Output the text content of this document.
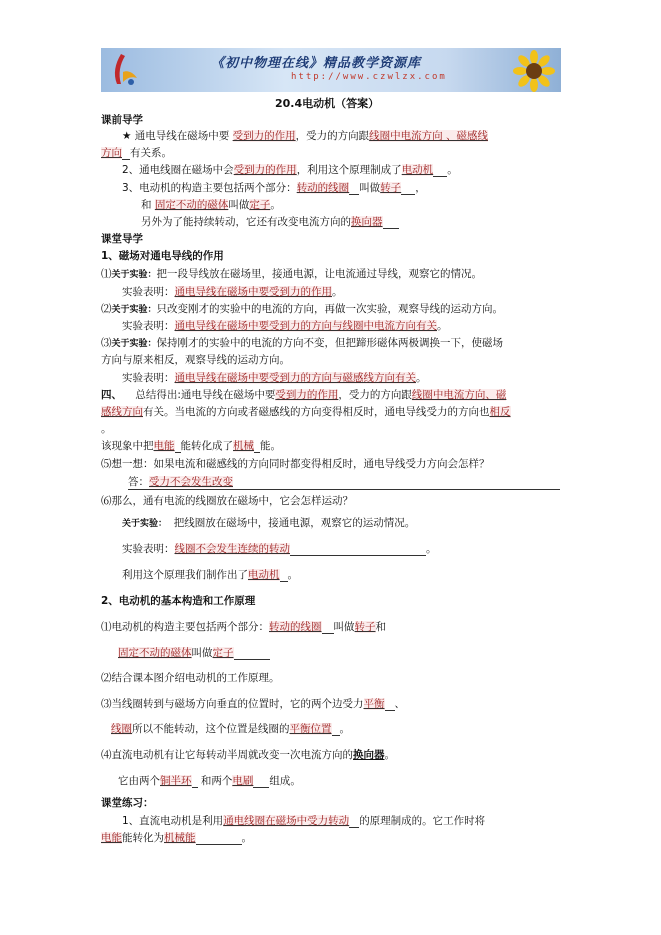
《初中物理在线》精品教学资源库
http://www.czwlzx.com
20.4电动机（答案）
课前导学
★ 通电导线在磁场中要 受到力的作用，受力的方向跟线圈中电流方向 、磁感线
方向 有关系。
2、通电线圈在磁场中会受到力的作用，利用这个原理制成了电动机 。
3、电动机的构造主要包括两个部分：转动的线圈 叫做转子 ，
和 固定不动的磁体叫做定子。
另外为了能持续转动，它还有改变电流方向的换向器
课堂导学
1、磁场对通电导线的作用
⑴关于实验：把一段导线放在磁场里，接通电源，让电流通过导线，观察它的情况。
实验表明：通电导线在磁场中要受到力的作用。
⑵关于实验：只改变刚才的实验中的电流的方向，再做一次实验，观察导线的运动方向。
实验表明：通电导线在磁场中要受到力的方向与线圈中电流方向有关。
⑶关于实验：保持刚才的实验中的电流的方向不变，但把蹄形磁体两极调换一下，使磁场
方向与原来相反，观察导线的运动方向。
实验表明：通电导线在磁场中要受到力的方向与磁感线方向有关。
四、 总结得出:通电导线在磁场中要受到力的作用，受力的方向跟线圈中电流方向、磁
感线方向有关。当电流的方向或者磁感线的方向变得相反时，通电导线受力的方向也相反
。
该现象中把电能 能转化成了机械 能。
⑸想一想：如果电流和磁感线的方向同时都变得相反时，通电导线受力方向会怎样？
答：受力不会发生改变
⑹那么，通有电流的线圈放在磁场中，它会怎样运动？
关于实验： 把线圈放在磁场中，接通电源，观察它的运动情况。
实验表明：线圈不会发生连续的转动	。
利用这个原理我们制作出了电动机 。
2、电动机的基本构造和工作原理
⑴电动机的构造主要包括两个部分：转动的线圈 叫做转子和
固定不动的磁体叫做定子
⑵结合课本图介绍电动机的工作原理。
⑶当线圈转到与磁场方向垂直的位置时，它的两个边受力平衡 、
线圈所以不能转动，这个位置是线圈的平衡位置 。
⑷直流电动机有让它每转动半周就改变一次电流方向的换向器。
它由两个铜半环 和两个电刷 组成。
课堂练习：
1、直流电动机是利用通电线圈在磁场中受力转动 的原理制成的。它工作时将
电能能转化为机械能	。
